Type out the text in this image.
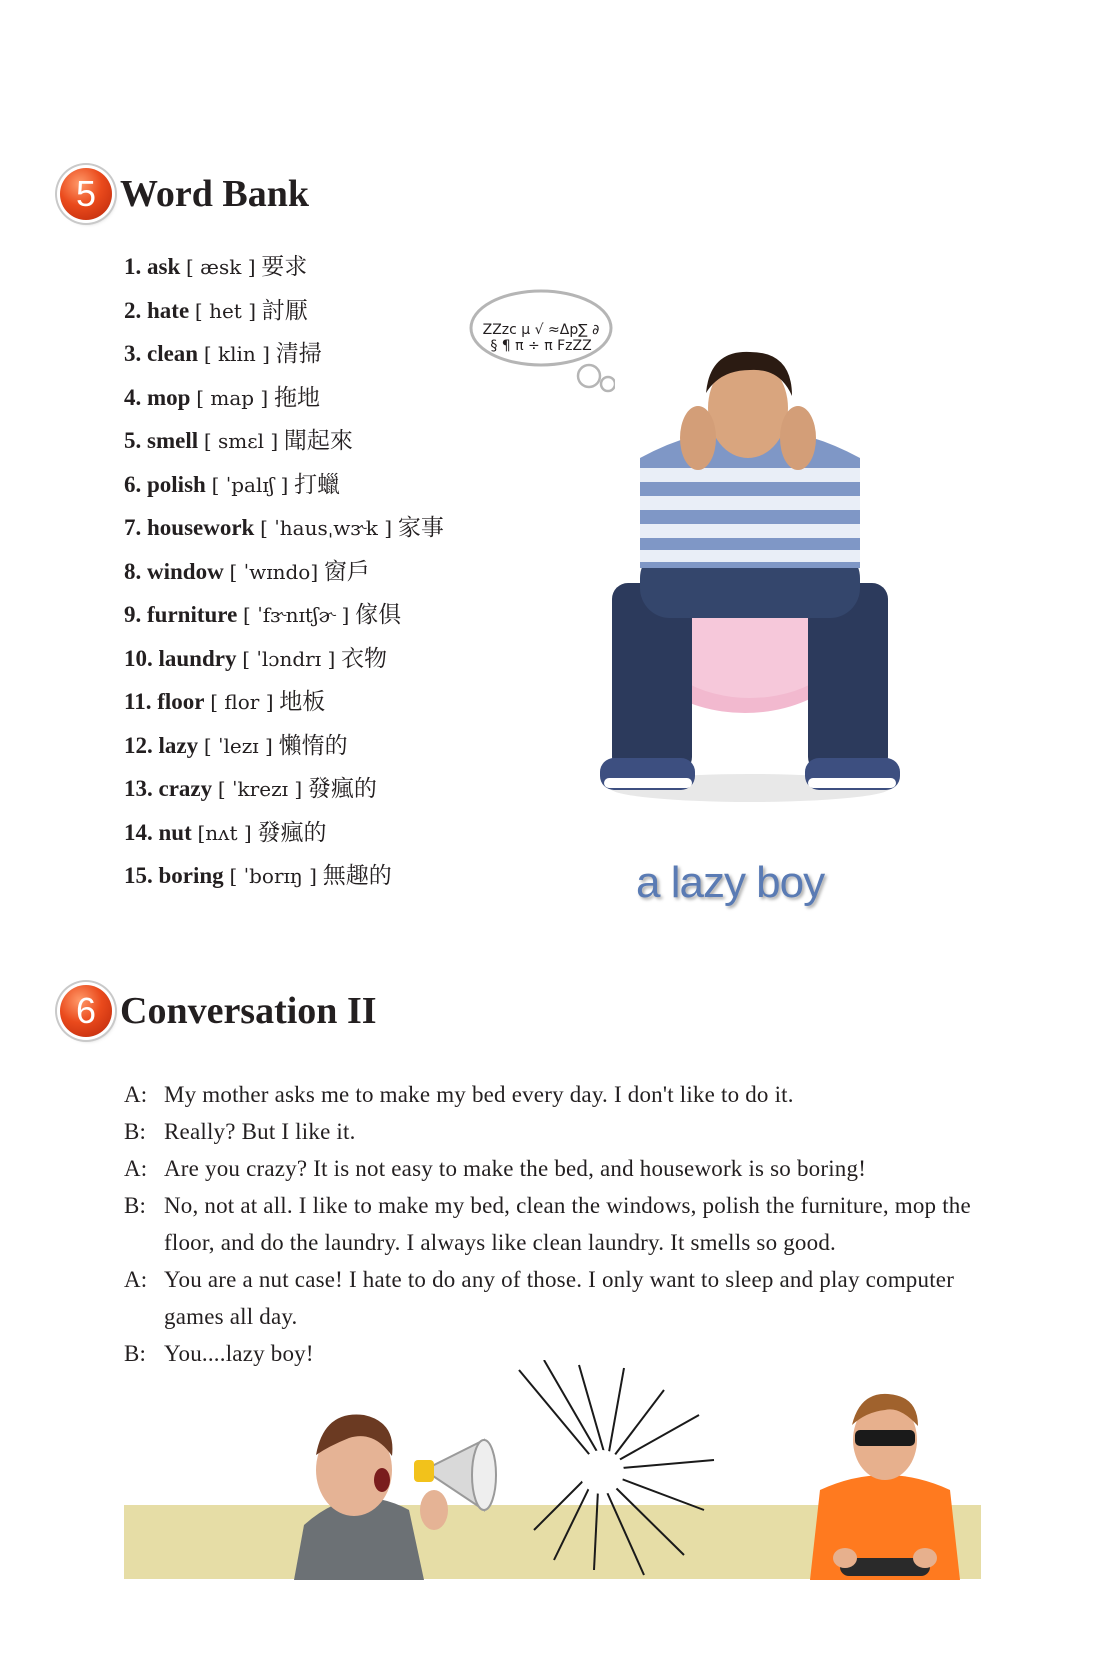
5 Word Bank
1. ask [ æsk ] 要求
2. hate [ het ] 討厭
3. clean [ klin ] 清掃
4. mop [ map ] 拖地
5. smell [ smɛl ] 聞起來
6. polish [ ˈpalɪʃ ] 打蠟
7. housework [ ˈhausˌwɝk ] 家事
8. window [ ˈwɪndo] 窗戶
9. furniture [ ˈfɝnɪtʃɚ ] 傢俱
10. laundry [ ˈlɔndrɪ ] 衣物
11. floor [ flor ] 地板
12. lazy [ ˈlezɪ ] 懶惰的
13. crazy [ ˈkrezɪ ] 發瘋的
14. nut [nʌt ] 發瘋的
15. boring [ ˈborɪŋ ] 無趣的
ZZzc μ √ ≈Δp∑ ∂
§ ¶ π ÷ π FzZZ
a lazy boy
6 Conversation II
A: My mother asks me to make my bed every day. I don't like to do it.
B: Really? But I like it.
A: Are you crazy? It is not easy to make the bed, and housework is so boring!
B: No, not at all. I like to make my bed, clean the windows, polish the furniture, mop the floor, and do the laundry. I always like clean laundry. It smells so good.
A: You are a nut case! I hate to do any of those. I only want to sleep and play computer games all day.
B: You....lazy boy!
